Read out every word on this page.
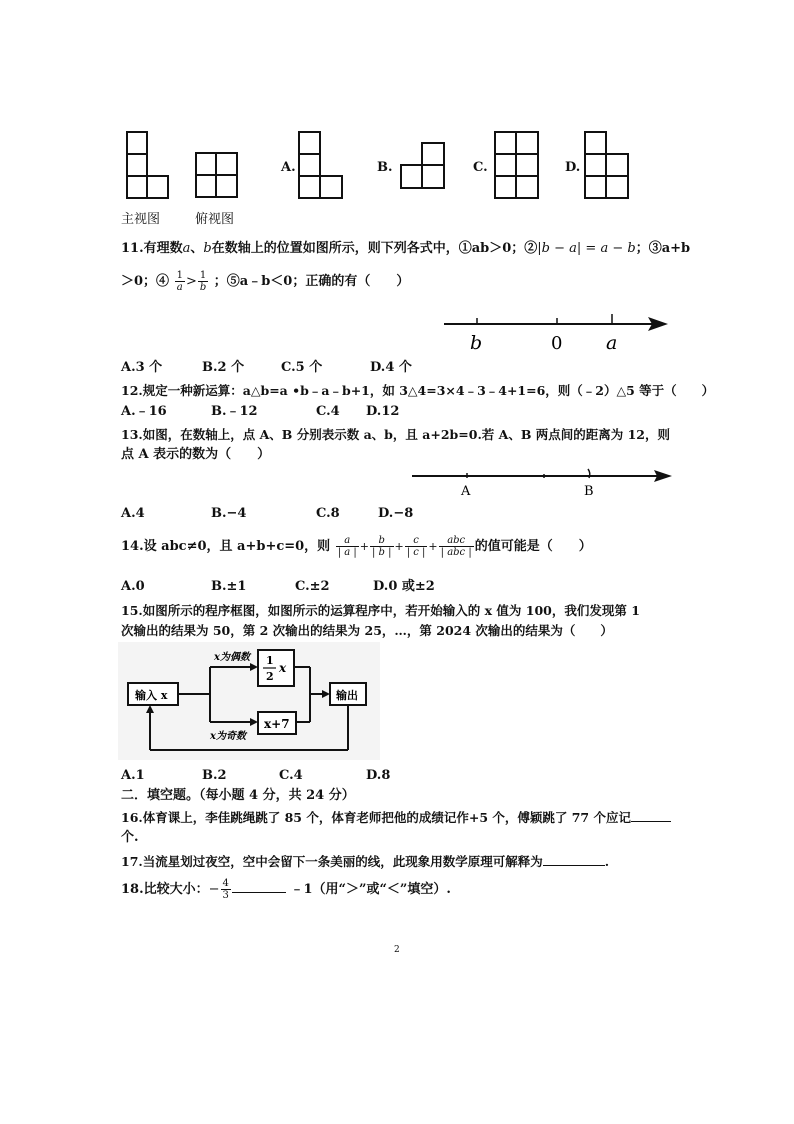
主视图	俯视图
A.	B.	C.	D.
11.有理数a、b在数轴上的位置如图所示，则下列各式中，①ab＞0；②|b − a| = a − b；③a+b
＞0；④ $\frac{1}{a} > \frac{1}{b}$ ；⑤a﹣b＜0；正确的有（　　）
b	0 a
A.3 个	B.2 个	C.5 个	D.4 个
12.规定一种新运算：a△b=a •b﹣a﹣b+1，如 3△4=3×4﹣3﹣4+1=6，则（﹣2）△5 等于（　　）
A.﹣16	B.﹣12	C.4 D.12
13.如图，在数轴上，点 A、B 分别表示数 a、b，且 a+2b=0.若 A、B 两点间的距离为 12，则
点 A 表示的数为（　　）
A	B
A.4	B.−4	C.8	D.−8
14.设 abc≠0，且 a+b+c=0，则 $\frac{a}{| a |} + \frac{b}{| b |} + \frac{c}{| c |} + \frac{\text{abc}}{\text{| abc |}}$ 的值可能是（　　）
A.0	B.±1	C.±2	D.0 或±2
15.如图所示的程序框图，如图所示的运算程序中，若开始输入的 x 值为 100，我们发现第 1
次输出的结果为 50，第 2 次输出的结果为 25，…，第 2024 次输出的结果为（　　）
输入 x
x为偶数
x为奇数
1
2
x
x+7
输出
A.1	B.2	C.4	D.8
二．填空题。（每小题 4 分，共 24 分）
16.体育课上，李佳跳绳跳了 85 个，体育老师把他的成绩记作+5 个，傅颖跳了 77 个应记
个.
17.当流星划过夜空，空中会留下一条美丽的线，此现象用数学原理可解释为	.
18.比较大小：− $\frac{4}{3}$	﹣1（用“＞”或“＜”填空）.
2
